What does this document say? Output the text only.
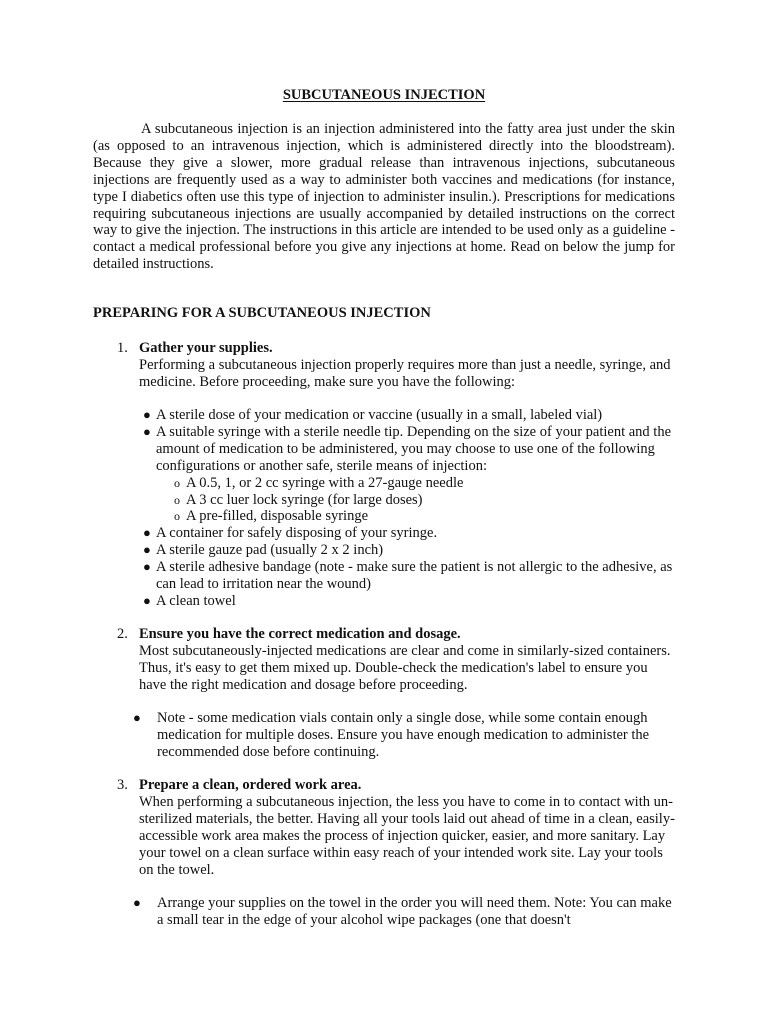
SUBCUTANEOUS INJECTION

A subcutaneous injection is an injection administered into the fatty area just under the skin (as opposed to an intravenous injection, which is administered directly into the bloodstream). Because they give a slower, more gradual release than intravenous injections, subcutaneous injections are frequently used as a way to administer both vaccines and medications (for instance, type I diabetics often use this type of injection to administer insulin.). Prescriptions for medications requiring subcutaneous injections are usually accompanied by detailed instructions on the correct way to give the injection. The instructions in this article are intended to be used only as a guideline - contact a medical professional before you give any injections at home. Read on below the jump for detailed instructions.

PREPARING FOR A SUBCUTANEOUS INJECTION
1. Gather your supplies.
Performing a subcutaneous injection properly requires more than just a needle, syringe, and medicine. Before proceeding, make sure you have the following:
● A sterile dose of your medication or vaccine (usually in a small, labeled vial)
● A suitable syringe with a sterile needle tip. Depending on the size of your patient and the amount of medication to be administered, you may choose to use one of the following configurations or another safe, sterile means of injection:
o A 0.5, 1, or 2 cc syringe with a 27-gauge needle
o A 3 cc luer lock syringe (for large doses)
o A pre-filled, disposable syringe
● A container for safely disposing of your syringe.
● A sterile gauze pad (usually 2 x 2 inch)
● A sterile adhesive bandage (note - make sure the patient is not allergic to the adhesive, as can lead to irritation near the wound)
● A clean towel
2. Ensure you have the correct medication and dosage.
Most subcutaneously-injected medications are clear and come in similarly-sized containers. Thus, it's easy to get them mixed up. Double-check the medication's label to ensure you have the right medication and dosage before proceeding.
● Note - some medication vials contain only a single dose, while some contain enough medication for multiple doses. Ensure you have enough medication to administer the recommended dose before continuing.
3. Prepare a clean, ordered work area.
When performing a subcutaneous injection, the less you have to come in to contact with un-sterilized materials, the better. Having all your tools laid out ahead of time in a clean, easily-accessible work area makes the process of injection quicker, easier, and more sanitary. Lay your towel on a clean surface within easy reach of your intended work site. Lay your tools on the towel.
● Arrange your supplies on the towel in the order you will need them. Note: You can make a small tear in the edge of your alcohol wipe packages (one that doesn't
